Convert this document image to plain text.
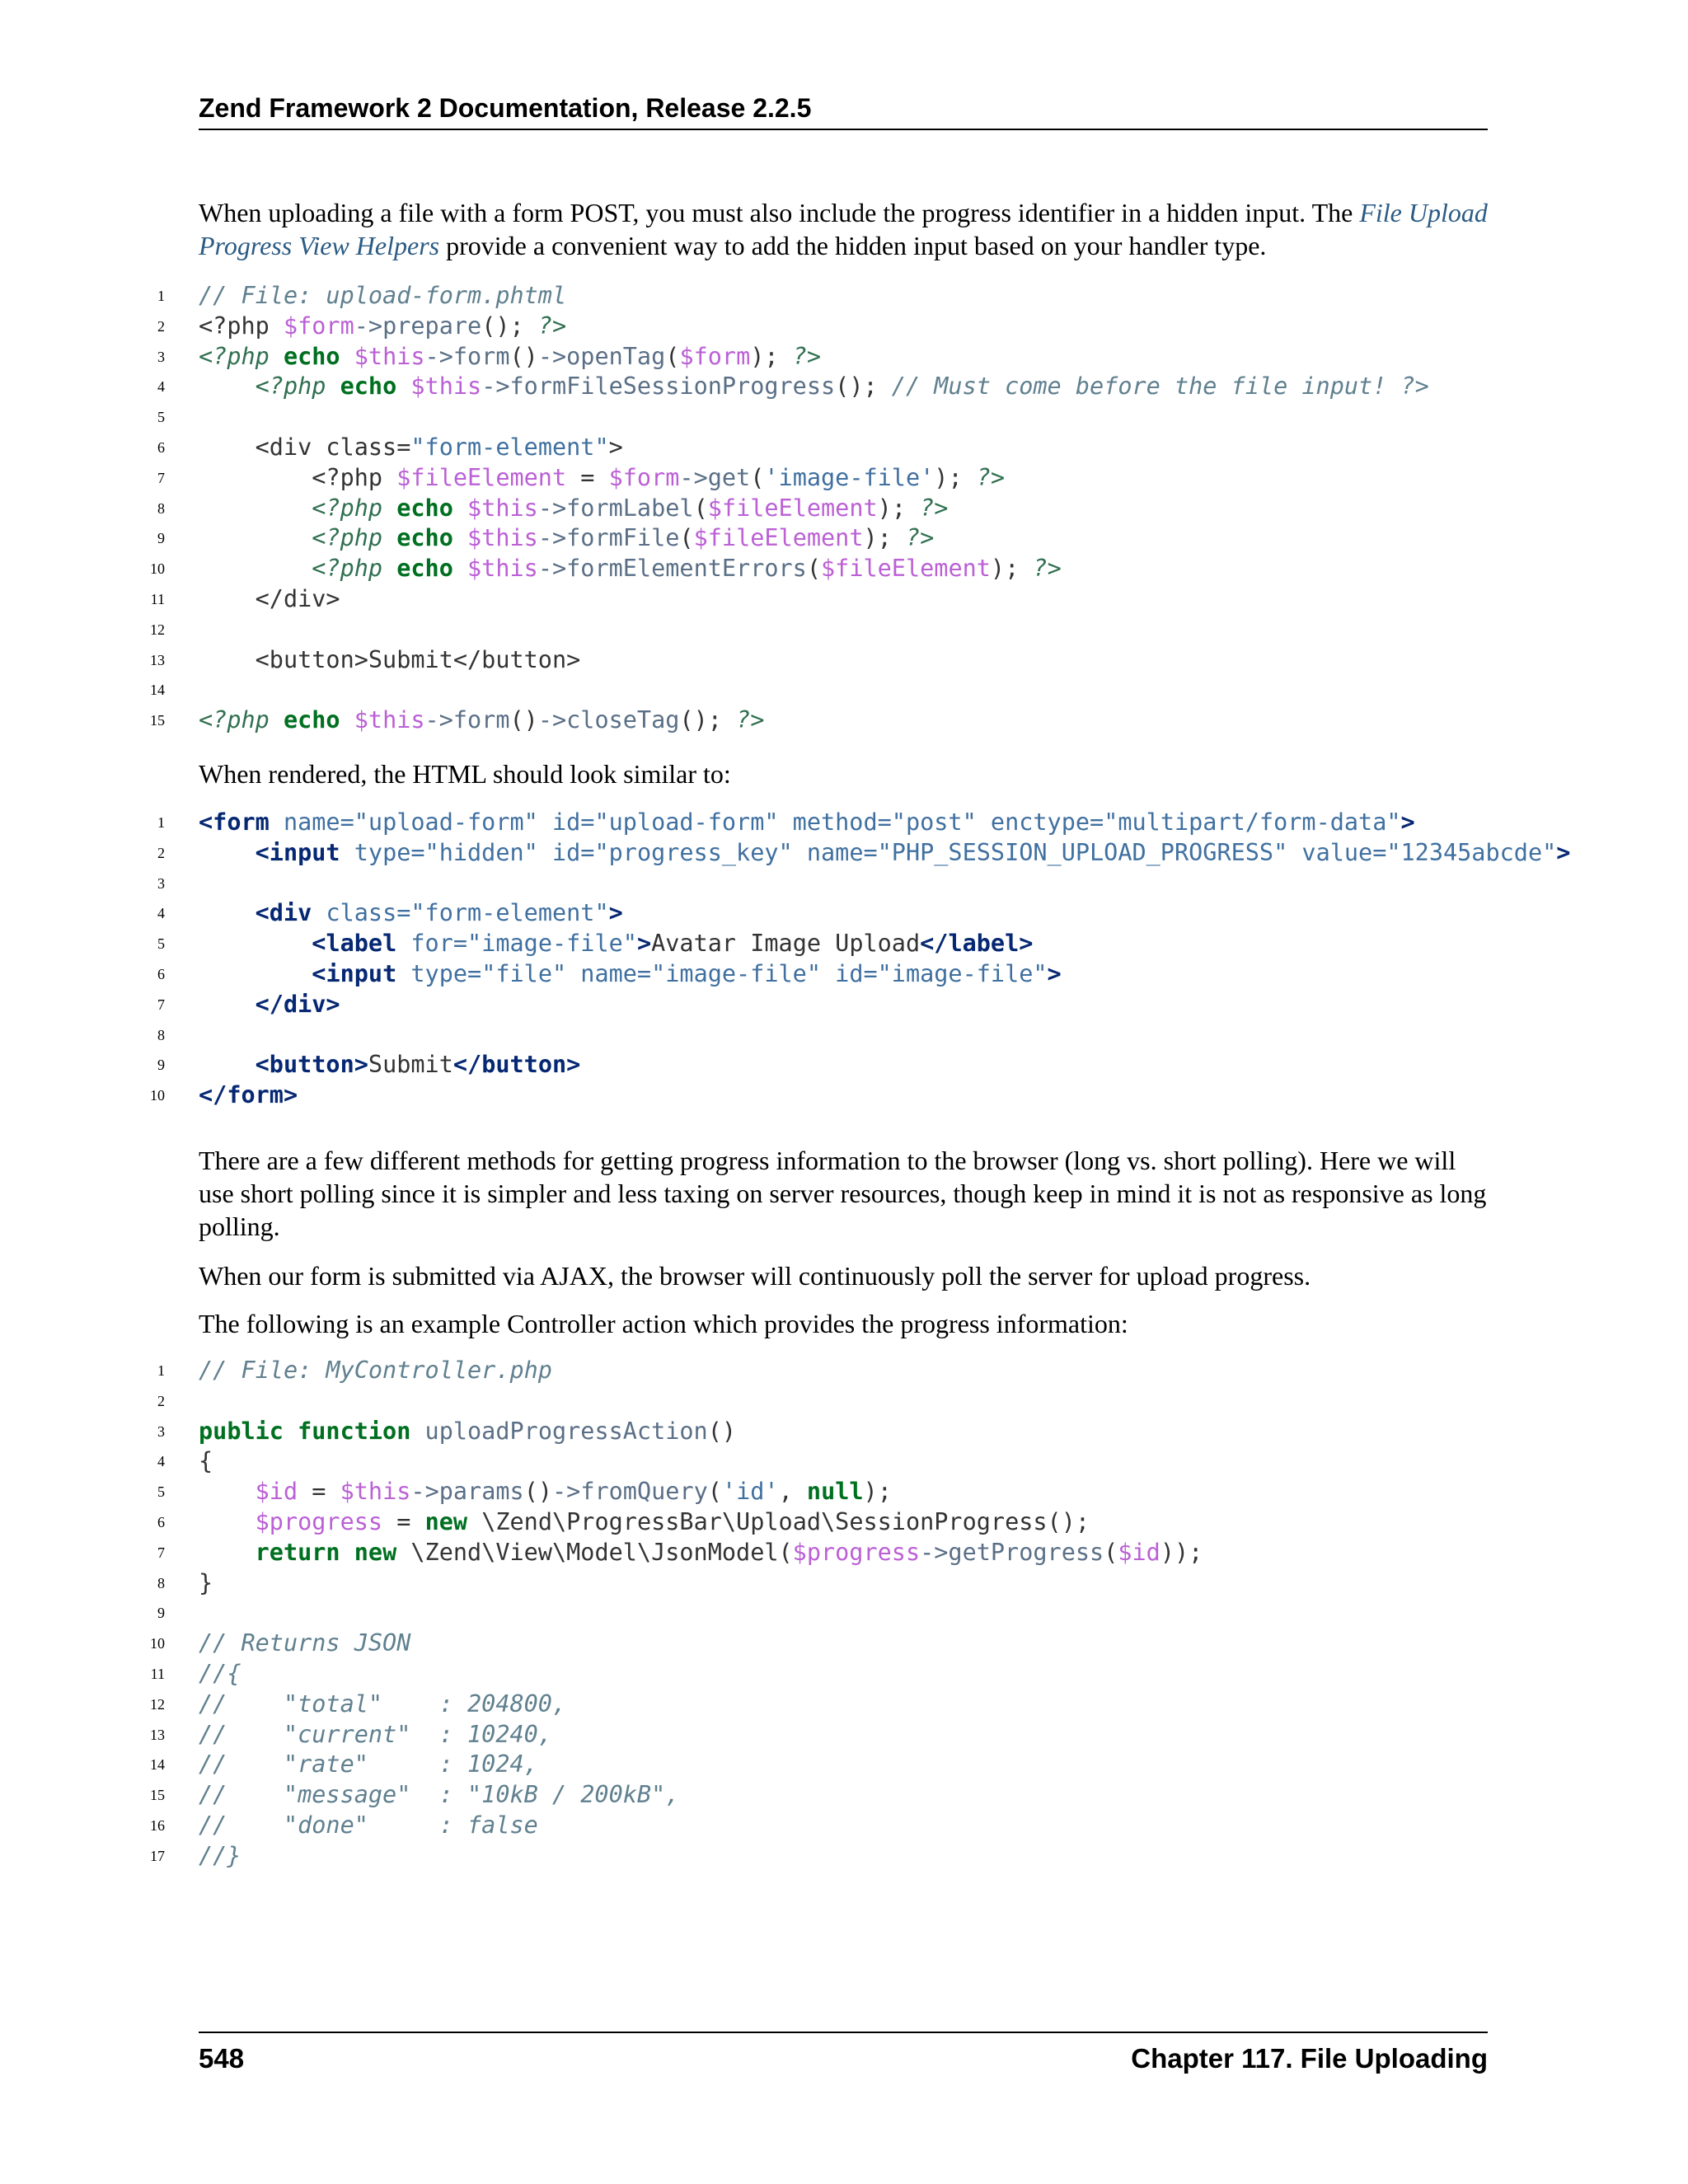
Zend Framework 2 Documentation, Release 2.2.5

When uploading a file with a form POST, you must also include the progress identifier in a hidden input. The File Upload Progress View Helpers provide a convenient way to add the hidden input based on your handler type.

1 // File: upload-form.phtml
2 <?php $form->prepare(); ?>
3 <?php echo $this->form()->openTag($form); ?>
4	<?php echo $this->formFileSessionProgress(); // Must come before the file input! ?>
5
6    <div class="form-element">
7        <?php $fileElement = $form->get('image-file'); ?>
8	<?php echo $this->formLabel($fileElement); ?>
9	<?php echo $this->formFile($fileElement); ?>
10	<?php echo $this->formElementErrors($fileElement); ?>
11    </div>
12
13    <button>Submit</button>
14
15 <?php echo $this->form()->closeTag(); ?>

When rendered, the HTML should look similar to:

1 <form name="upload-form" id="upload-form" method="post" enctype="multipart/form-data">
2	<input type="hidden" id="progress_key" name="PHP_SESSION_UPLOAD_PROGRESS" value="12345abcde">
3
4	<div class="form-element">
5	<label for="image-file">Avatar Image Upload</label>
6	<input type="file" name="image-file" id="image-file">
7	</div>
8
9	<button>Submit</button>
10 </form>

There are a few different methods for getting progress information to the browser (long vs. short polling). Here we will use short polling since it is simpler and less taxing on server resources, though keep in mind it is not as responsive as long polling.

When our form is submitted via AJAX, the browser will continuously poll the server for upload progress.

The following is an example Controller action which provides the progress information:

1 // File: MyController.php
2
3 public function uploadProgressAction()
4 {
5	$id = $this->params()->fromQuery('id', null);
6	$progress = new \Zend\ProgressBar\Upload\SessionProgress();
7	return new \Zend\View\Model\JsonModel($progress->getProgress($id));
8 }
9
10 // Returns JSON
11 //{
12 //    "total"    : 204800,
13 //    "current"  : 10240,
14 //    "rate"     : 1024,
15 //    "message"  : "10kB / 200kB",
16 //    "done"     : false
17 //}
548	Chapter 117. File Uploading
